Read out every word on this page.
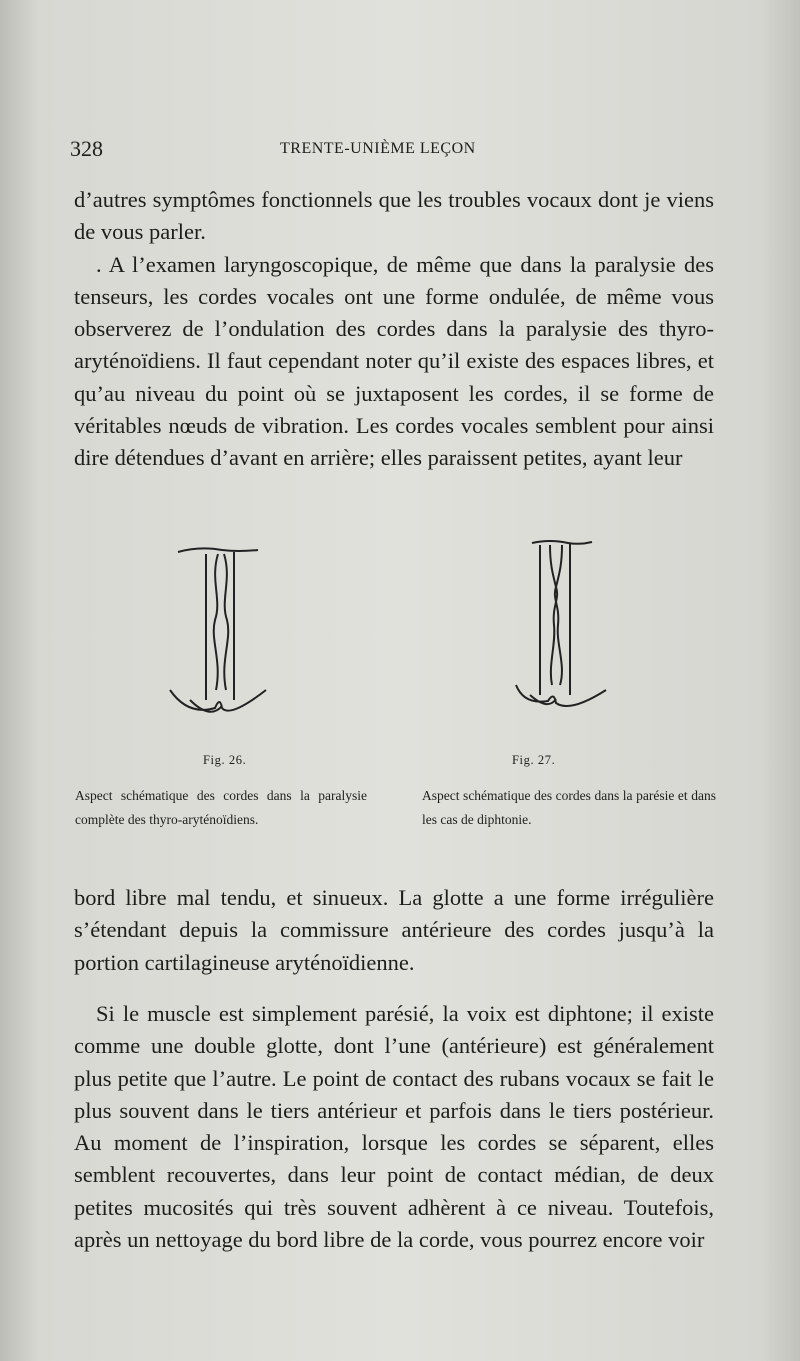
328	TRENTE-UNIÈME LEÇON

d’autres symptômes fonctionnels que les troubles vocaux dont je viens de vous parler.

. A l’examen laryngoscopique, de même que dans la paralysie des tenseurs, les cordes vocales ont une forme ondulée, de même vous observerez de l’ondulation des cordes dans la paralysie des thyro-aryténoïdiens. Il faut cependant noter qu’il existe des espaces libres, et qu’au niveau du point où se juxtaposent les cordes, il se forme de véritables nœuds de vibration. Les cordes vocales semblent pour ainsi dire détendues d’avant en arrière; elles paraissent petites, ayant leur

Fig. 26.
Aspect schématique des cordes dans la paralysie complète des thyro-aryténoïdiens.
Fig. 27.
Aspect schématique des cordes dans la parésie et dans les cas de diphtonie.

bord libre mal tendu, et sinueux. La glotte a une forme irrégulière s’étendant depuis la commissure antérieure des cordes jusqu’à la portion cartilagineuse aryténoïdienne.

Si le muscle est simplement parésié, la voix est diphtone; il existe comme une double glotte, dont l’une (antérieure) est généralement plus petite que l’autre. Le point de contact des rubans vocaux se fait le plus souvent dans le tiers antérieur et parfois dans le tiers postérieur. Au moment de l’inspiration, lorsque les cordes se séparent, elles semblent recouvertes, dans leur point de contact médian, de deux petites mucosités qui très souvent adhèrent à ce niveau. Toutefois, après un nettoyage du bord libre de la corde, vous pourrez encore voir
